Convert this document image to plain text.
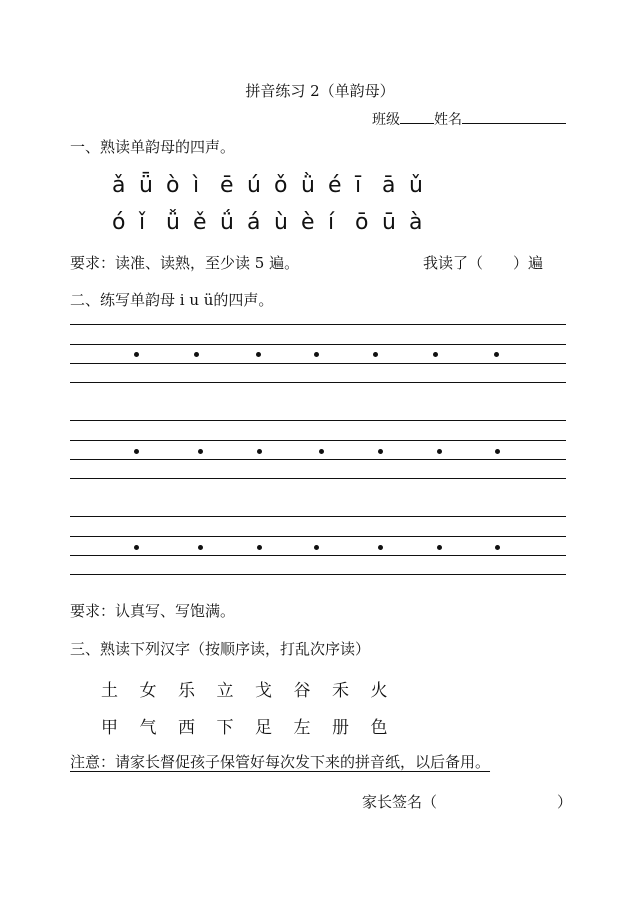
拼音练习 2（单韵母）
班级 姓名
一、熟读单韵母的四声。
ǎ ǖ ò ì ē ú ǒ ǜ é ī ā ǔ
ó ǐ ǚ ě ǘ á ù è í ō ū à
要求：读准、读熟，至少读 5 遍。	我读了（　　）遍
二、练写单韵母 i u ü的四声。
要求：认真写、写饱满。
三、熟读下列汉字（按顺序读，打乱次序读）
土 女 乐 立 戈 谷 禾 火
甲 气 西 下 足 左 册 色
注意：请家长督促孩子保管好每次发下来的拼音纸，以后备用。
家长签名（　　　　　　　　）
